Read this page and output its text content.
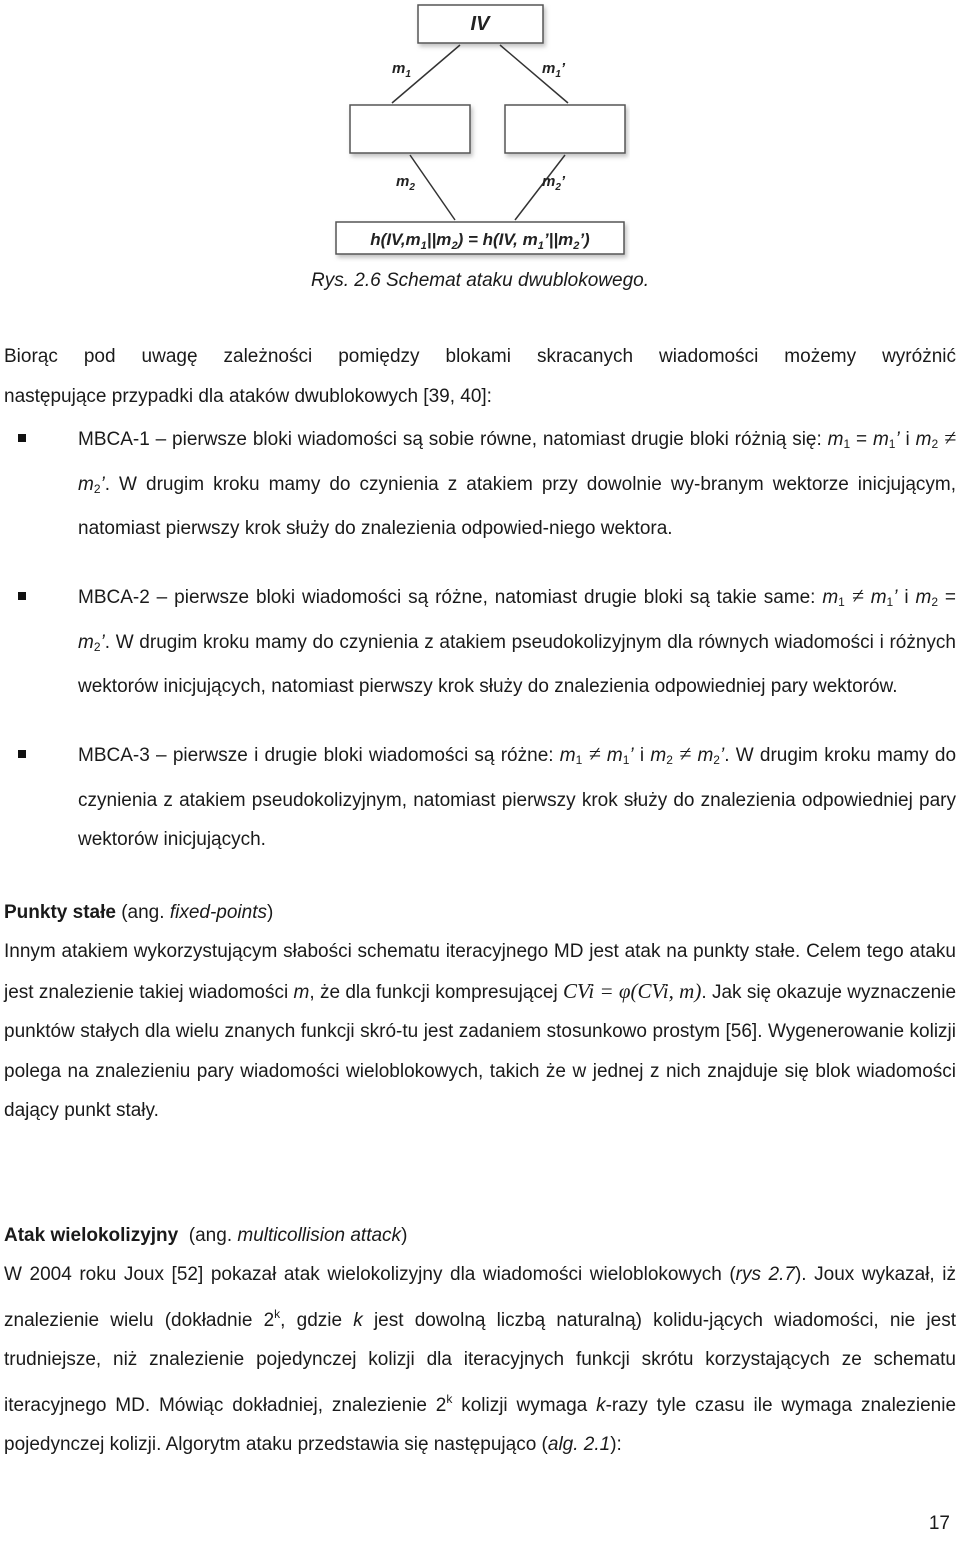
IV
$m_1$	$m_1$’
$m_2$	$m_2$’
$h(IV,m_1||m_2) = h(IV$, $m_1’||m_2$’)
Rys. 2.6 Schemat ataku dwublokowego.
Biorąc pod uwagę zależności pomiędzy blokami skracanych wiadomości możemy wyróżnić
następujące przypadki dla ataków dwublokowych [39, 40]:
MBCA-1 – pierwsze bloki wiadomości są sobie równe, natomiast drugie bloki różnią się: $m_1 = m_1$’ i $m_2 \ne m_2$’. W drugim kroku mamy do czynienia z atakiem przy dowolnie wy-branym wektorze inicjującym, natomiast pierwszy krok służy do znalezienia odpowied-niego wektora.
MBCA-2 – pierwsze bloki wiadomości są różne, natomiast drugie bloki są takie same: $m_1 \ne m_1$’ i $m_2 = m_2$’. W drugim kroku mamy do czynienia z atakiem pseudokolizyjnym dla równych wiadomości i różnych wektorów inicjujących, natomiast pierwszy krok służy do znalezienia odpowiedniej pary wektorów.
MBCA-3 – pierwsze i drugie bloki wiadomości są różne: $m_1 \ne m_1$’ i $m_2 \ne m_2$’. W drugim kroku mamy do czynienia z atakiem pseudokolizyjnym, natomiast pierwszy krok służy do znalezienia odpowiedniej pary wektorów inicjujących.
Punkty stałe (ang. fixed-points)
Innym atakiem wykorzystującym słabości schematu iteracyjnego MD jest atak na punkty stałe. Celem tego ataku jest znalezienie takiej wiadomości m, że dla funkcji kompresującej CVi = φ(CVi, m). Jak się okazuje wyznaczenie punktów stałych dla wielu znanych funkcji skró-tu jest zadaniem stosunkowo prostym [56]. Wygenerowanie kolizji polega na znalezieniu pary wiadomości wieloblokowych, takich że w jednej z nich znajduje się blok wiadomości dający punkt stały.
Atak wielokolizyjny  (ang. multicollision attack)
W 2004 roku Joux [52] pokazał atak wielokolizyjny dla wiadomości wieloblokowych (rys 2.7). Joux wykazał, iż znalezienie wielu (dokładnie 2$^k$, gdzie k jest dowolną liczbą naturalną) kolidu-jących wiadomości, nie jest trudniejsze, niż znalezienie pojedynczej kolizji dla iteracyjnych funkcji skrótu korzystających ze schematu iteracyjnego MD. Mówiąc dokładniej, znalezienie 2$^k$ kolizji wymaga k-razy tyle czasu ile wymaga znalezienie pojedynczej kolizji. Algorytm ataku przedstawia się następująco (alg. 2.1):
17
